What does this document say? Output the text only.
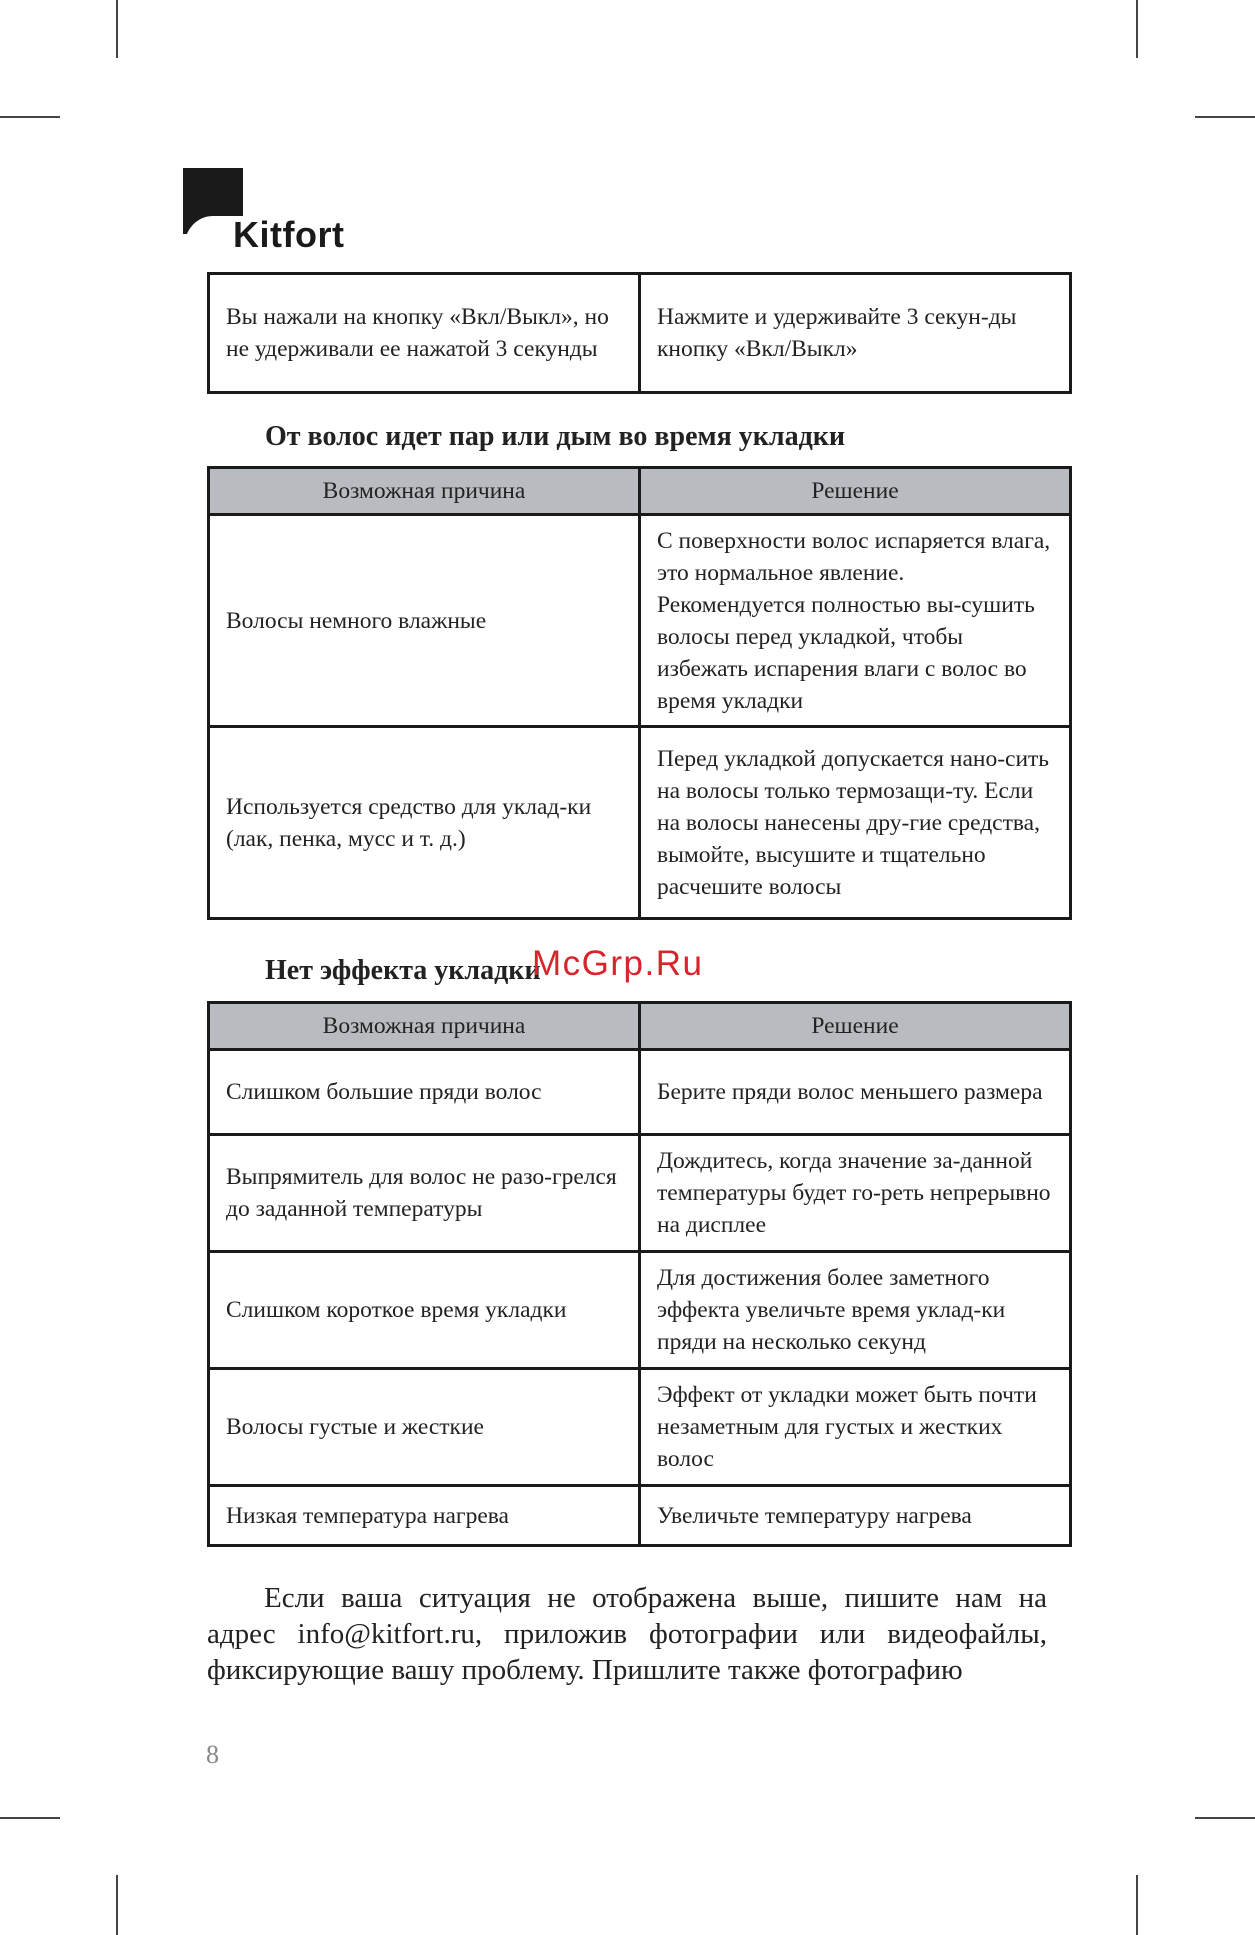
Kitfort
Вы нажали на кнопку «Вкл/Выкл», но не удерживали ее нажатой 3 секунды	Нажмите и удерживайте 3 секун-ды кнопку «Вкл/Выкл»
От волос идет пар или дым во время укладки
Возможная причина	Решение
Волосы немного влажные	С поверхности волос испаряется влага, это нормальное явление. Рекомендуется полностью вы-сушить волосы перед укладкой, чтобы избежать испарения влаги с волос во время укладки
Используется средство для уклад-ки (лак, пенка, мусс и т. д.)	Перед укладкой допускается нано-сить на волосы только термозащи-ту. Если на волосы нанесены дру-гие средства, вымойте, высушите и тщательно расчешите волосы
Нет эффекта укладки
Возможная причина	Решение
Слишком большие пряди волос	Берите пряди волос меньшего размера
Выпрямитель для волос не разо-грелся до заданной температуры	Дождитесь, когда значение за-данной температуры будет го-реть непрерывно на дисплее
Слишком короткое время укладки	Для достижения более заметного эффекта увеличьте время уклад-ки пряди на несколько секунд
Волосы густые и жесткие	Эффект от укладки может быть почти незаметным для густых и жестких волос
Низкая температура нагрева	Увеличьте температуру нагрева
Если ваша ситуация не отображена выше, пишите нам на адрес info@kitfort.ru, приложив фотографии или видеофайлы, фиксирующие вашу проблему. Пришлите также фотографию
8
McGrp.Ru
